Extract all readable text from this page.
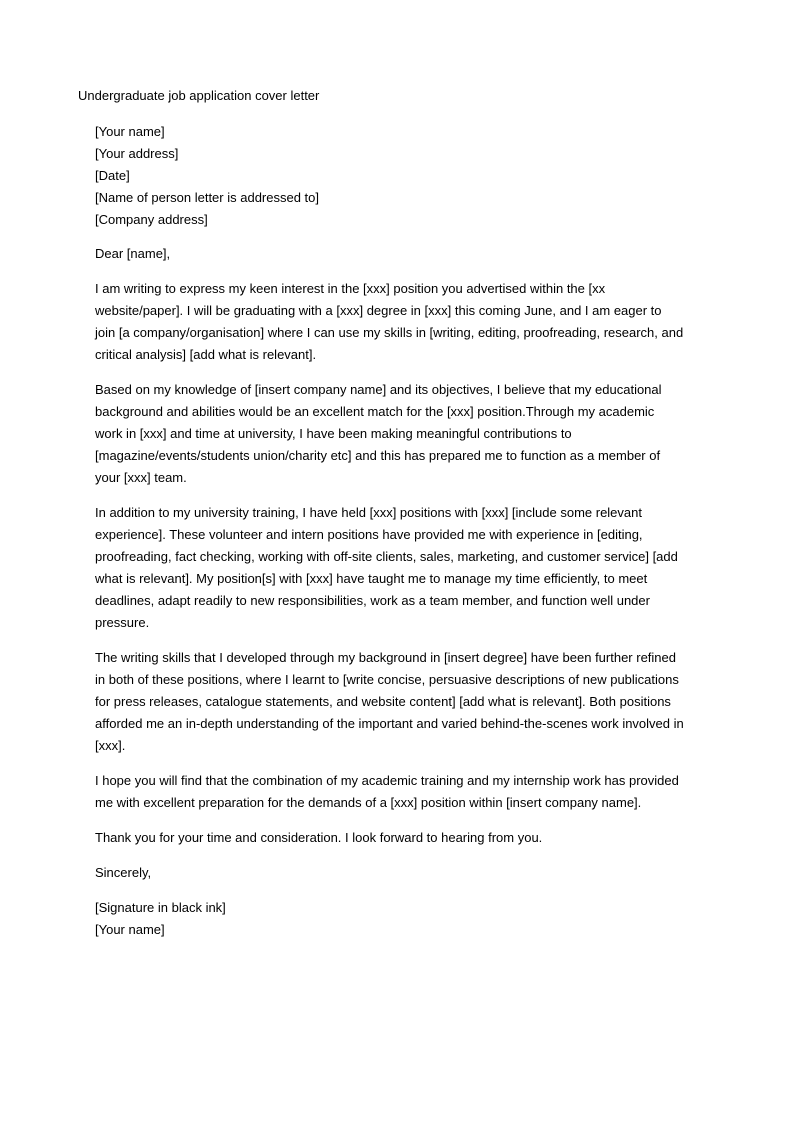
Undergraduate job application cover letter
[Your name]
[Your address]
[Date]
[Name of person letter is addressed to]
[Company address]

Dear [name],

I am writing to express my keen interest in the [xxx] position you advertised within the [xx website/paper]. I will be graduating with a [xxx] degree in [xxx] this coming June, and I am eager to join [a company/organisation] where I can use my skills in [writing, editing, proofreading, research, and critical analysis] [add what is relevant].

Based on my knowledge of [insert company name] and its objectives, I believe that my educational background and abilities would be an excellent match for the [xxx] position.Through my academic work in [xxx] and time at university, I have been making meaningful contributions to [magazine/events/students union/charity etc] and this has prepared me to function as a member of your [xxx] team.

In addition to my university training, I have held [xxx] positions with [xxx] [include some relevant experience]. These volunteer and intern positions have provided me with experience in [editing, proofreading, fact checking, working with off-site clients, sales, marketing, and customer service] [add what is relevant]. My position[s] with [xxx] have taught me to manage my time efficiently, to meet deadlines, adapt readily to new responsibilities, work as a team member, and function well under pressure.

The writing skills that I developed through my background in [insert degree] have been further refined in both of these positions, where I learnt to [write concise, persuasive descriptions of new publications for press releases, catalogue statements, and website content] [add what is relevant]. Both positions afforded me an in-depth understanding of the important and varied behind-the-scenes work involved in [xxx].

I hope you will find that the combination of my academic training and my internship work has provided me with excellent preparation for the demands of a [xxx] position within [insert company name].

Thank you for your time and consideration. I look forward to hearing from you.

Sincerely,

[Signature in black ink]
[Your name]
